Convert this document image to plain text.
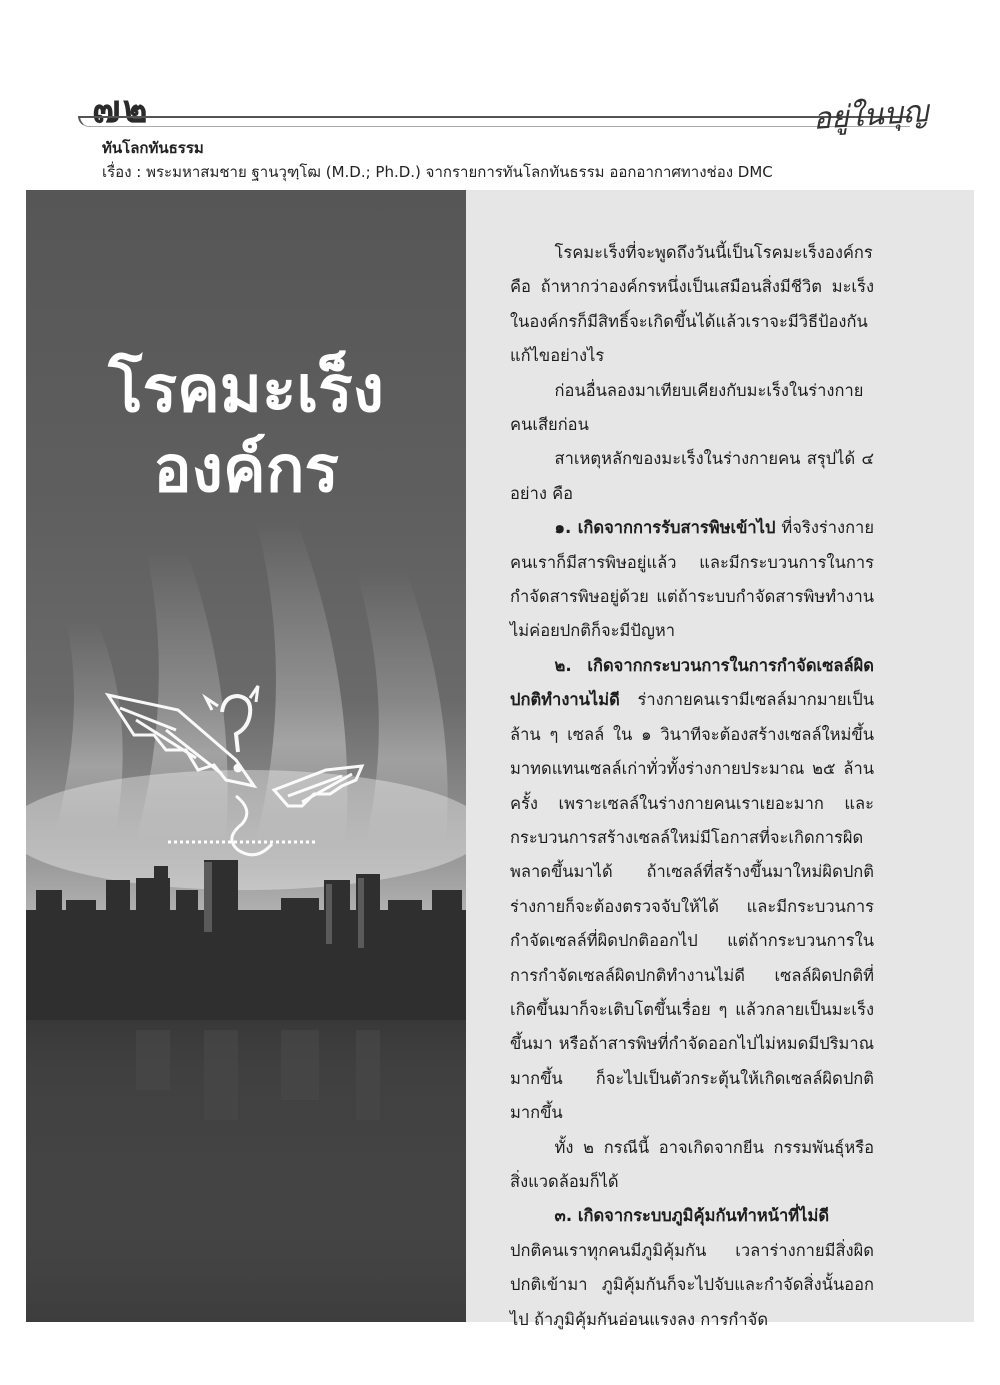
๗๒	อยู่ในบุญ
ทันโลกทันธรรม
เรื่อง : พระมหาสมชาย ฐานวุฑฺโฒ (M.D.; Ph.D.) จากรายการทันโลกทันธรรม ออกอากาศทางช่อง DMC
โรคมะเร็ง
องค์กร

โรคมะเร็งที่จะพูดถึงวันนี้เป็นโรคมะเร็งองค์กร คือ ถ้าหากว่าองค์กรหนึ่งเป็นเสมือนสิ่งมีชีวิต มะเร็งในองค์กรก็มีสิทธิ์จะเกิดขึ้นได้แล้วเราจะมีวิธีป้องกันแก้ไขอย่างไร

ก่อนอื่นลองมาเทียบเคียงกับมะเร็งในร่างกายคนเสียก่อน

สาเหตุหลักของมะเร็งในร่างกายคน สรุปได้ ๔ อย่าง คือ

๑. เกิดจากการรับสารพิษเข้าไป ที่จริงร่างกายคนเราก็มีสารพิษอยู่แล้ว และมีกระบวนการในการกำจัดสารพิษอยู่ด้วย แต่ถ้าระบบกำจัดสารพิษทำงานไม่ค่อยปกติก็จะมีปัญหา

๒. เกิดจากกระบวนการในการกำจัดเซลล์ผิดปกติทำงานไม่ดี ร่างกายคนเรามีเซลล์มากมายเป็นล้าน ๆ เซลล์ ใน ๑ วินาทีจะต้องสร้างเซลล์ใหม่ขึ้นมาทดแทนเซลล์เก่าทั่วทั้งร่างกายประมาณ ๒๕ ล้านครั้ง เพราะเซลล์ในร่างกายคนเราเยอะมาก และกระบวนการสร้างเซลล์ใหม่มีโอกาสที่จะเกิดการผิดพลาดขึ้นมาได้ ถ้าเซลล์ที่สร้างขึ้นมาใหม่ผิดปกติ ร่างกายก็จะต้องตรวจจับให้ได้ และมีกระบวนการกำจัดเซลล์ที่ผิดปกติออกไป แต่ถ้ากระบวนการในการกำจัดเซลล์ผิดปกติทำงานไม่ดี เซลล์ผิดปกติที่เกิดขึ้นมาก็จะเติบโตขึ้นเรื่อย ๆ แล้วกลายเป็นมะเร็งขึ้นมา หรือถ้าสารพิษที่กำจัดออกไปไม่หมดมีปริมาณมากขึ้น ก็จะไปเป็นตัวกระตุ้นให้เกิดเซลล์ผิดปกติมากขึ้น

ทั้ง ๒ กรณีนี้ อาจเกิดจากยีน กรรมพันธุ์หรือสิ่งแวดล้อมก็ได้

๓. เกิดจากระบบภูมิคุ้มกันทำหน้าที่ไม่ดี

ปกติคนเราทุกคนมีภูมิคุ้มกัน เวลาร่างกายมีสิ่งผิดปกติเข้ามา ภูมิคุ้มกันก็จะไปจับและกำจัดสิ่งนั้นออกไป ถ้าภูมิคุ้มกันอ่อนแรงลง การกำจัด
